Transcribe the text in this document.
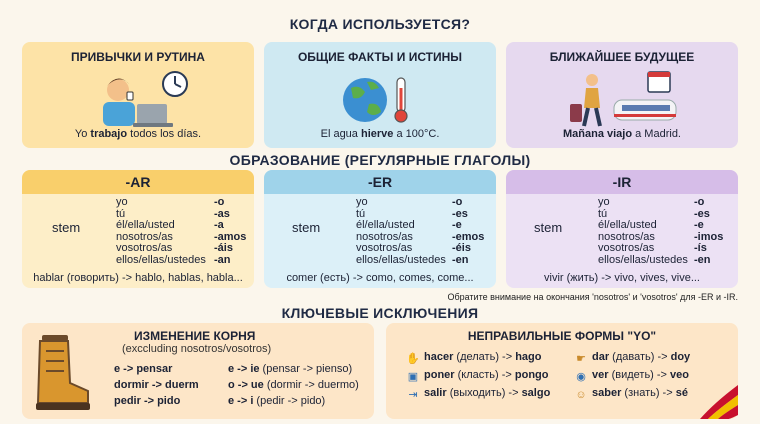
КОГДА ИСПОЛЬЗУЕТСЯ?
ПРИВЫЧКИ И РУТИНА
Yo trabajo todos los días.
ОБЩИЕ ФАКТЫ И ИСТИНЫ
El agua hierve a 100°C.
БЛИЖАЙШЕЕ БУДУЩЕЕ
Mañana viajo a Madrid.
ОБРАЗОВАНИЕ (РЕГУЛЯРНЫЕ ГЛАГОЛЫ)
-AR
stem
yo
tú
él/ella/usted
nosotros/as
vosotros/as
ellos/ellas/ustedes
-o
-as
-a
-amos
-áis
-an
hablar (говорить) -> hablo, hablas, habla...
-ER
stem
yo
tú
él/ella/usted
nosotros/as
vosotros/as
ellos/ellas/ustedes
-o
-es
-e
-emos
-éis
-en
comer (есть) -> como, comes, come...
-IR
stem
yo
tú
él/ella/usted
nosotros/as
vosotros/as
ellos/ellas/ustedes
-o
-es
-e
-imos
-ís
-en
vivir (жить) -> vivo, vives, vive...
Обратите внимание на окончания 'nosotros' и 'vosotros' для -ER и -IR.
КЛЮЧЕВЫЕ ИСКЛЮЧЕНИЯ
ИЗМЕНЕНИЕ КОРНЯ
(exccluding nosotros/vosotros)
e -> pensar
dormir -> duerm
pedir -> pido
e -> ie (pensar -> pienso)
o -> ue (dormir -> duermo)
e -> i (pedir -> pido)
НЕПРАВИЛЬНЫЕ ФОРМЫ "YO"
✋ hacer (делать) -> hago
▣ poner (класть) -> pongo
⇥ salir (выходить) -> salgo
☛ dar (давать) -> doy
◉ ver (видеть) -> veo
☺ saber (знать) -> sé
